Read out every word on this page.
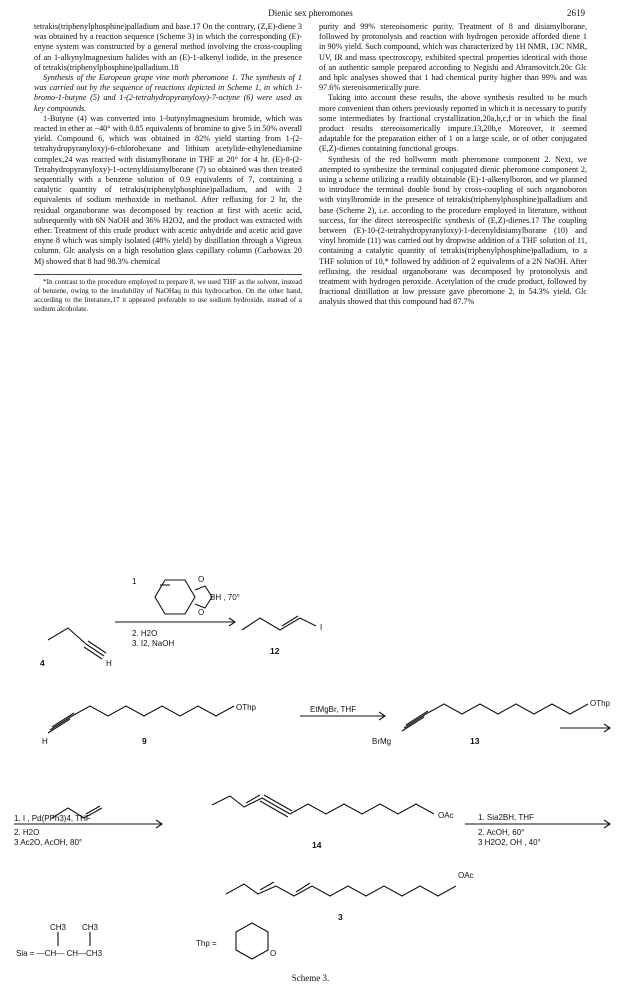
Dienic sex pheromones	2619

tetrakis(triphenylphosphine)palladium and base.17 On the contrary, (Z,E)-diene 3 was obtained by a reaction sequence (Scheme 3) in which the corresponding (E)-enyne system was constructed by a general method involving the cross-coupling of an 1-alkynylmagnesium halides with an (E)-1-alkenyl iodide, in the presence of tetrakis(triphenylphosphine)palladium.18

Synthesis of the European grape vine moth pheromone 1. The synthesis of 1 was carried out by the sequence of reactions depicted in Scheme 1, in which 1-bromo-1-butyne (5) and 1-(2-tetrahydropyranyloxy)-7-octyne (6) were used as key compounds.

1-Butyne (4) was converted into 1-butynylmagnesium bromide, which was reacted in ether at −40° with 0.85 equivalents of bromine to give 5 in 50% overall yield. Compound 6, which was obtained in 82% yield starting from 1-(2-tetrahydropyranyloxy)-6-chlorohexane and lithium acetylide-ethylenediamine complex,24 was reacted with disiamylborane in THF at 20° for 4 hr. (E)-8-(2-Tetrahydropyranyloxy)-1-octenyldisiamylborane (7) so obtained was then treated sequentially with a benzene solution of 0.9 equivalents of 7, containing a catalytic quantity of tetrakis(triphenylphosphine)palladium, and with 2 equivalents of sodium methoxide in methanol. After refluxing for 2 hr, the residual organoborane was decomposed by reaction at first with acetic acid, subsequently with 6N NaOH and 36% H2O2, and the product was extracted with ether. Treatment of this crude product with acetic anhydride and acetic acid gave enyne 8 which was simply isolated (48% yield) by distillation through a Vigreux column. Glc analysis on a high resolution glass capillary column (Carbowax 20 M) showed that 8 had 98.3% chemical

*In contrast to the procedure employed to prepare 8, we used THF as the solvent, instead of benzene, owing to the insolubility of NaOHaq in this hydrocarbon. On the other hand, according to the literature,17 it appeared preferable to use sodium hydroxide, instead of a sodium alcoholate.

purity and 99% stereoisomeric purity. Treatment of 8 and disiamylborane, followed by protonolysis and reaction with hydrogen peroxide afforded diene 1 in 90% yield. Such compound, which was characterized by 1H NMR, 13C NMR, UV, IR and mass spectroscopy, exhibited spectral properties identical with those of an authentic sample prepared according to Negishi and Abramovitch.20c Glc and hplc analyses showed that 1 had chemical purity higher than 99% and was 97.6% stereoisomerically pure.

Taking into account these results, the above synthesis resulted to be much more convenient than others previously reported in which it is necessary to purify some intermediates by fractional crystallization,20a,b,c,f or in which the final product results stereoisomerically impure.13,20b,e Moreover, it seemed adaptable for the preparation either of 1 on a large scale, or of other conjugated (E,Z)-dienes containing functional groups.

Synthesis of the red bollworm moth pheromone component 2. Next, we attempted to synthesize the terminal conjugated dienic pheromone component 2, using a scheme utilizing a readily obtainable (E)-1-alkenylboron, and we planned to introduce the terminal double bond by cross-coupling of such organoboron with vinylbromide in the presence of tetrakis(triphenylphosphine)palladium and base (Scheme 2), i.e. according to the procedure employed in literature, without success, for the direct stereospecific synthesis of (E,Z)-dienes.17 The coupling between (E)-10-(2-tetrahydropyranyloxy)-1-decenyldisiamylborane (10) and vinyl bromide (11) was carried out by dropwise addition of a THF solution of 11, containing a catalytic quantity of tetrakis(triphenylphosphine)palladium, to a THF solution of 10,* followed by addition of 2 equivalents of a 2N NaOH. After refluxing, the residual organoborane was decomposed by protonolysis and treatment with hydrogen peroxide. Acetylation of the crude product, followed by fractional distillation at low pressure gave pheromone 2, in 54.3% yield. Glc analysis showed that this compound had 87.7%

1	O
O
BH , 70°
2. H2O
3. I2, NaOH
4	H
12
I
OThp
H	9
EtMgBr, THF
BrMg
OThp
13
1. I , Pd(PPh3)4, THF
2. H2O
3 Ac2O, AcOH, 80°
OAc
14
1. Sia2BH, THF
2. AcOH, 60°
3 H2O2, OH , 40°
OAc
3
CH3 CH3
Sia = —CH— CH—CH3
Thp =
O
Scheme 3.
